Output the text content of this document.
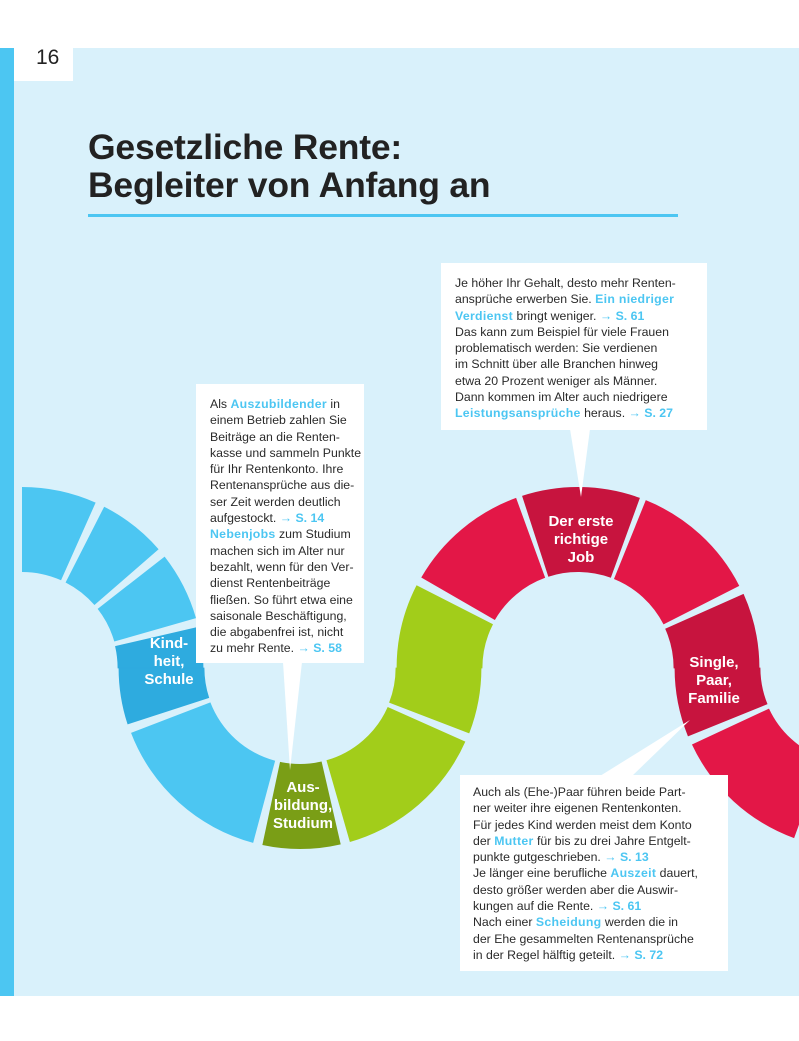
16
Gesetzliche Rente:
Begleiter von Anfang an
Kind-
heit,
Schule
Aus-
bildung,
Studium
Der erste
richtige
Job
Single,
Paar,
Familie
Als Auszubildender in
einem Betrieb zahlen Sie
Beiträge an die Renten-
kasse und sammeln Punkte
für Ihr Rentenkonto. Ihre
Rentenansprüche aus die-
ser Zeit werden deutlich
aufgestockt. → S. 14
Nebenjobs zum Studium
machen sich im Alter nur
bezahlt, wenn für den Ver-
dienst Rentenbeiträge
fließen. So führt etwa eine
saisonale Beschäftigung,
die abgabenfrei ist, nicht
zu mehr Rente. → S. 58
Je höher Ihr Gehalt, desto mehr Renten-
ansprüche erwerben Sie. Ein niedriger
Verdienst bringt weniger. → S. 61
Das kann zum Beispiel für viele Frauen
problematisch werden: Sie verdienen
im Schnitt über alle Branchen hinweg
etwa 20 Prozent weniger als Männer.
Dann kommen im Alter auch niedrigere
Leistungsansprüche heraus. → S. 27
Auch als (Ehe-)Paar führen beide Part-
ner weiter ihre eigenen Rentenkonten.
Für jedes Kind werden meist dem Konto
der Mutter für bis zu drei Jahre Entgelt-
punkte gutgeschrieben. → S. 13
Je länger eine berufliche Auszeit dauert,
desto größer werden aber die Auswir-
kungen auf die Rente. → S. 61
Nach einer Scheidung werden die in
der Ehe gesammelten Rentenansprüche
in der Regel hälftig geteilt. → S. 72
